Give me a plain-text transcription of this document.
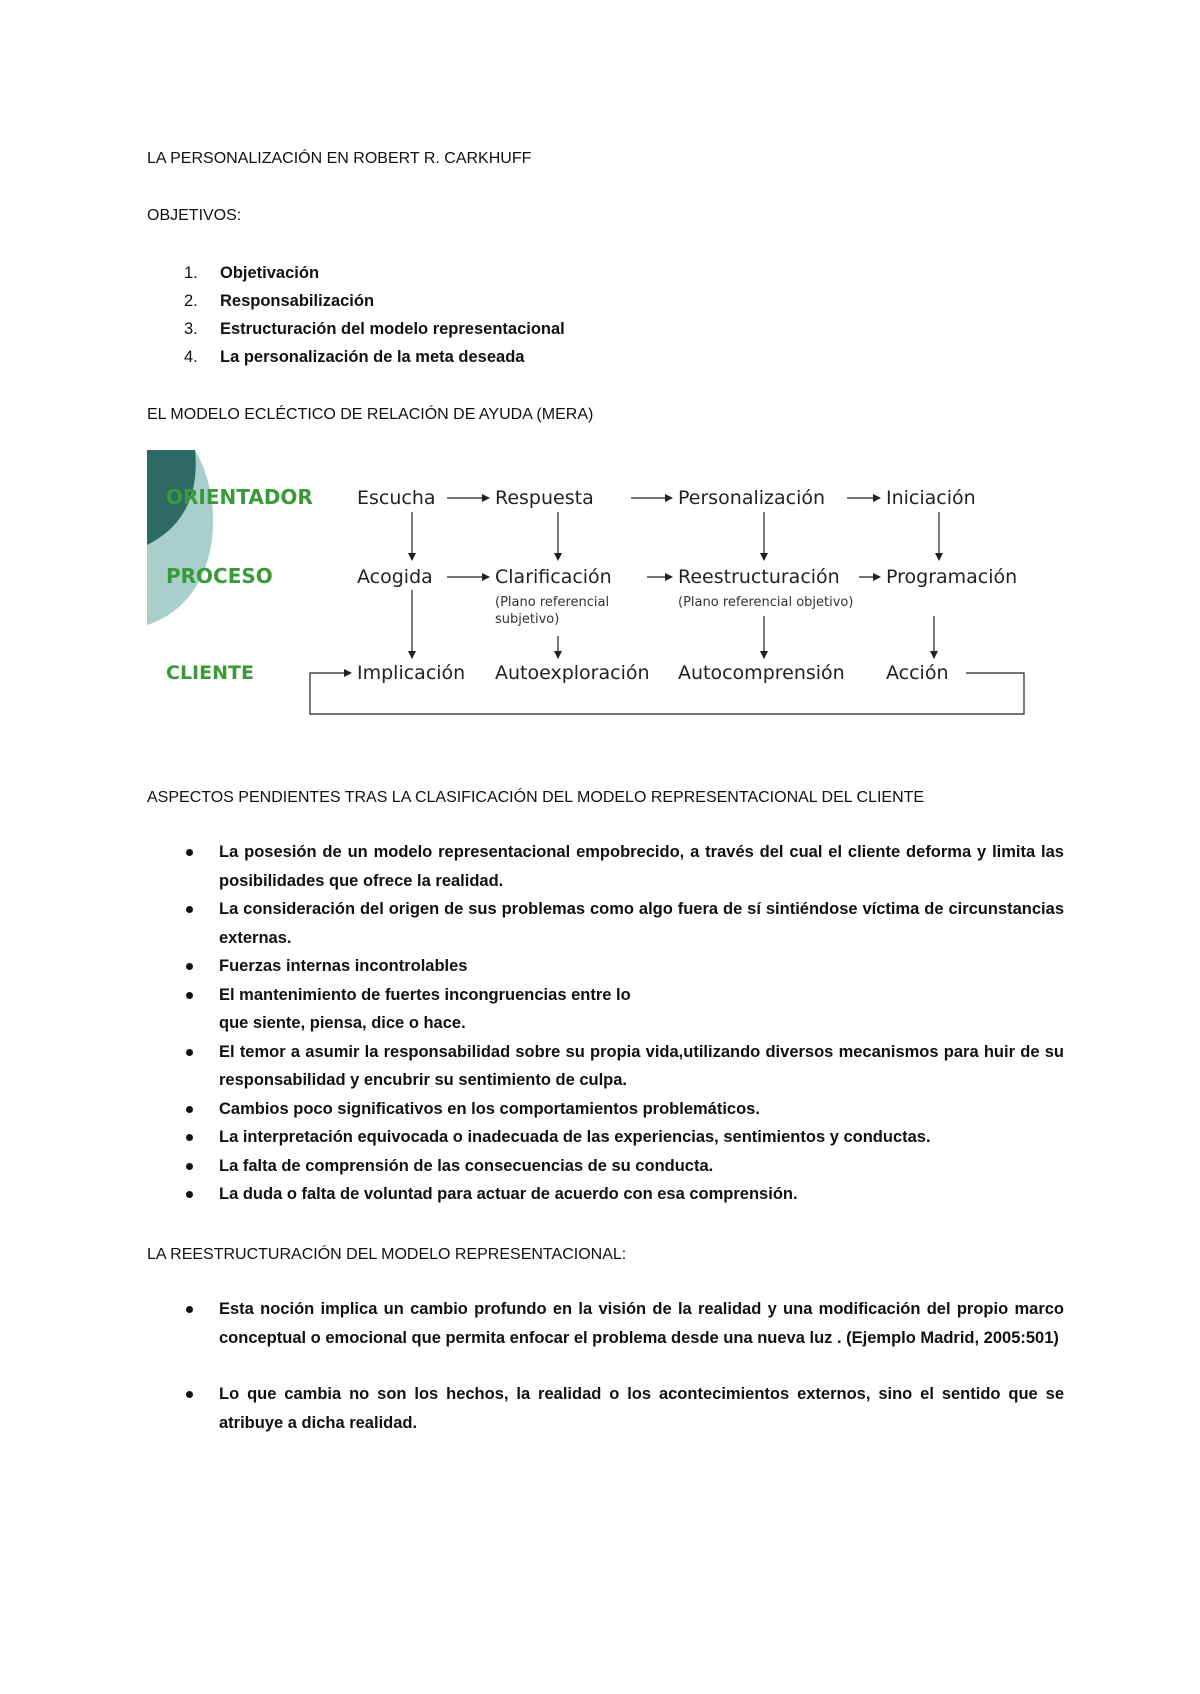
LA PERSONALIZACIÓN EN ROBERT R. CARKHUFF
OBJETIVOS:
1. Objetivación
2. Responsabilización
3. Estructuración del modelo representacional
4. La personalización de la meta deseada
EL MODELO ECLÉCTICO DE RELACIÓN DE AYUDA (MERA)
ORIENTADOR
PROCESO
CLIENTE
Escucha	Respuesta	Personalización	Iniciación
Acogida	Clarificación	Reestructuración Programación
(Plano referencial
subjetivo)
(Plano referencial objetivo)
Implicación Autoexploración Autocomprensión Acción
ASPECTOS PENDIENTES TRAS LA CLASIFICACIÓN DEL MODELO REPRESENTACIONAL DEL CLIENTE
La posesión de un modelo representacional empobrecido, a través del cual el cliente deforma y limita las posibilidades que ofrece la realidad.
La consideración del origen de sus problemas como algo fuera de sí sintiéndose víctima de circunstancias externas.
Fuerzas internas incontrolables
El mantenimiento de fuertes incongruencias entre lo
que siente, piensa, dice o hace.
El temor a asumir la responsabilidad sobre su propia vida,utilizando diversos mecanismos para huir de su responsabilidad y encubrir su sentimiento de culpa.
Cambios poco significativos en los comportamientos problemáticos.
La interpretación equivocada o inadecuada de las experiencias, sentimientos y conductas.
La falta de comprensión de las consecuencias de su conducta.
La duda o falta de voluntad para actuar de acuerdo con esa comprensión.
LA REESTRUCTURACIÓN DEL MODELO REPRESENTACIONAL:
Esta noción implica un cambio profundo en la visión de la realidad y una modificación del propio marco conceptual o emocional que permita enfocar el problema desde una nueva luz . (Ejemplo Madrid, 2005:501)
Lo que cambia no son los hechos, la realidad o los acontecimientos externos, sino el sentido que se atribuye a dicha realidad.
